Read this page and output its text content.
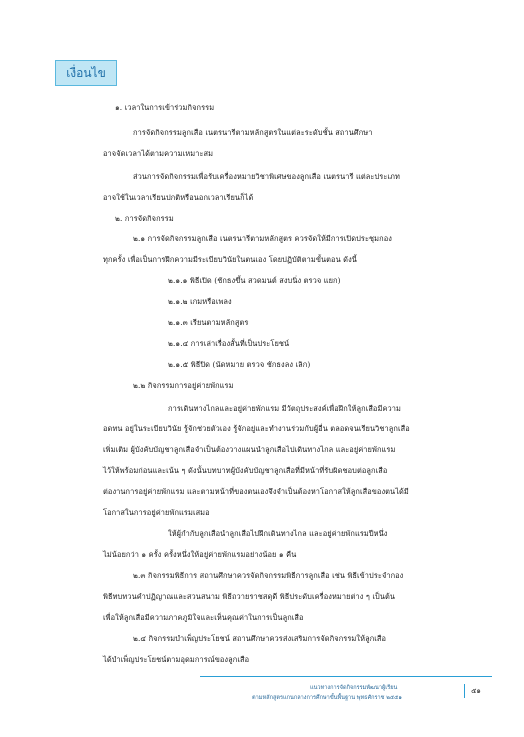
เงื่อนไข
๑. เวลาในการเข้าร่วมกิจกรรม
การจัดกิจกรรมลูกเสือ เนตรนารีตามหลักสูตรในแต่ละระดับชั้น สถานศึกษา
อาจจัดเวลาได้ตามความเหมาะสม
ส่วนการจัดกิจกรรมเพื่อรับเครื่องหมายวิชาพิเศษของลูกเสือ เนตรนารี แต่ละประเภท
อาจใช้ในเวลาเรียนปกติหรือนอกเวลาเรียนก็ได้
๒. การจัดกิจกรรม
๒.๑ การจัดกิจกรรมลูกเสือ เนตรนารีตามหลักสูตร ควรจัดให้มีการเปิดประชุมกอง
ทุกครั้ง เพื่อเป็นการฝึกความมีระเบียบวินัยในตนเอง โดยปฏิบัติตามขั้นตอน ดังนี้
๒.๑.๑ พิธีเปิด (ชักธงขึ้น สวดมนต์ สงบนิ่ง ตรวจ แยก)
๒.๑.๒ เกมหรือเพลง
๒.๑.๓ เรียนตามหลักสูตร
๒.๑.๔ การเล่าเรื่องสั้นที่เป็นประโยชน์
๒.๑.๕ พิธีปิด (นัดหมาย ตรวจ ชักธงลง เลิก)
๒.๒ กิจกรรมการอยู่ค่ายพักแรม
การเดินทางไกลและอยู่ค่ายพักแรม มีวัตถุประสงค์เพื่อฝึกให้ลูกเสือมีความ
อดทน อยู่ในระเบียบวินัย รู้จักช่วยตัวเอง รู้จักอยู่และทำงานร่วมกับผู้อื่น ตลอดจนเรียนวิชาลูกเสือ
เพิ่มเติม ผู้บังคับบัญชาลูกเสือจำเป็นต้องวางแผนนำลูกเสือไปเดินทางไกล และอยู่ค่ายพักแรม
ไว้ให้พร้อมก่อนและเน้น ๆ ดังนั้นบทบาทผู้บังคับบัญชาลูกเสือที่มีหน้าที่รับผิดชอบต่อลูกเสือ
ต่องานการอยู่ค่ายพักแรม และตามหน้าที่ของตนเองจึงจำเป็นต้องหาโอกาสให้ลูกเสือของตนได้มี
โอกาสในการอยู่ค่ายพักแรมเสมอ
ให้ผู้กำกับลูกเสือนำลูกเสือไปฝึกเดินทางไกล และอยู่ค่ายพักแรมปีหนึ่ง
ไม่น้อยกว่า ๑ ครั้ง ครั้งหนึ่งให้อยู่ค่ายพักแรมอย่างน้อย ๑ คืน
๒.๓ กิจกรรมพิธีการ สถานศึกษาควรจัดกิจกรรมพิธีการลูกเสือ เช่น พิธีเข้าประจำกอง
พิธีทบทวนคำปฏิญาณและสวนสนาม พิธีถวายราชสดุดี พิธีประดับเครื่องหมายต่าง ๆ เป็นต้น
เพื่อให้ลูกเสือมีความภาคภูมิใจและเห็นคุณค่าในการเป็นลูกเสือ
๒.๔ กิจกรรมบำเพ็ญประโยชน์ สถานศึกษาควรส่งเสริมการจัดกิจกรรมให้ลูกเสือ
ได้บำเพ็ญประโยชน์ตามอุดมการณ์ของลูกเสือ
แนวทางการจัดกิจกรรมพัฒนาผู้เรียน
ตามหลักสูตรแกนกลางการศึกษาขั้นพื้นฐาน พุทธศักราช ๒๕๕๑
๕๑
